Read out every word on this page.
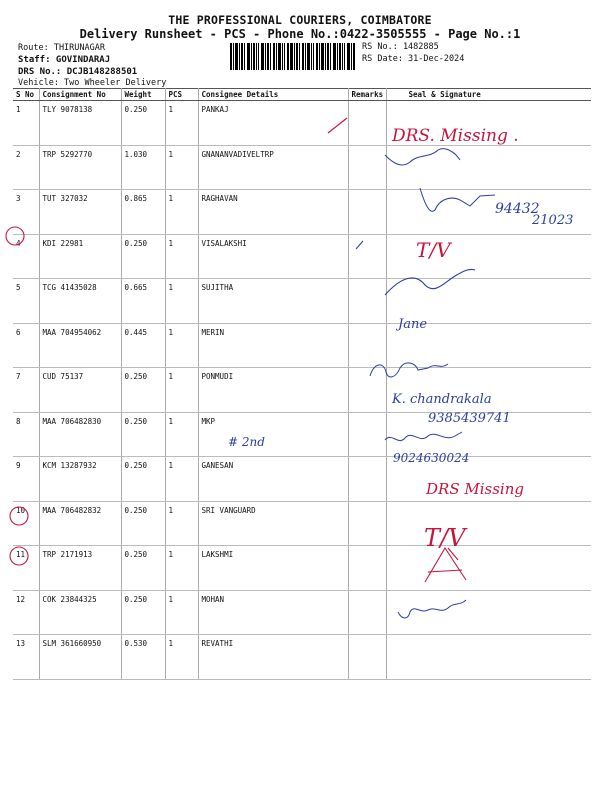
THE PROFESSIONAL COURIERS, COIMBATORE
Delivery Runsheet - PCS - Phone No.:0422-3505555 - Page No.:1
Route: THIRUNAGAR
Staff: GOVINDARAJ
DRS No.: DCJB148288501
Vehicle: Two Wheeler Delivery
RS No.: 1482885
RS Date: 31-Dec-2024
S No	Consignment No	Weight	PCS	Consignee Details	Remarks	Seal & Signature
1	TLY 9078138	0.250	1	PANKAJ		
2	TRP 5292770	1.030	1	GNANANVADIVELTRP		
3	TUT 327032	0.865	1	RAGHAVAN		
4	KDI 22981	0.250	1	VISALAKSHI		
5	TCG 41435028	0.665	1	SUJITHA		
6	MAA 704954062	0.445	1	MERIN		
7	CUD 75137	0.250	1	PONMUDI		
8	MAA 706482830	0.250	1	MKP		
9	KCM 13287932	0.250	1	GANESAN		
10	MAA 706482832	0.250	1	SRI VANGUARD		
11	TRP 2171913	0.250	1	LAKSHMI		
12	COK 23844325	0.250	1	MOHAN		
13	SLM 361660950	0.530	1	REVATHI		
DRS. Missing .
94432
21023
T/V
Jane
K. chandrakala
9385439741
# 2nd
9024630024
DRS Missing
T/V
